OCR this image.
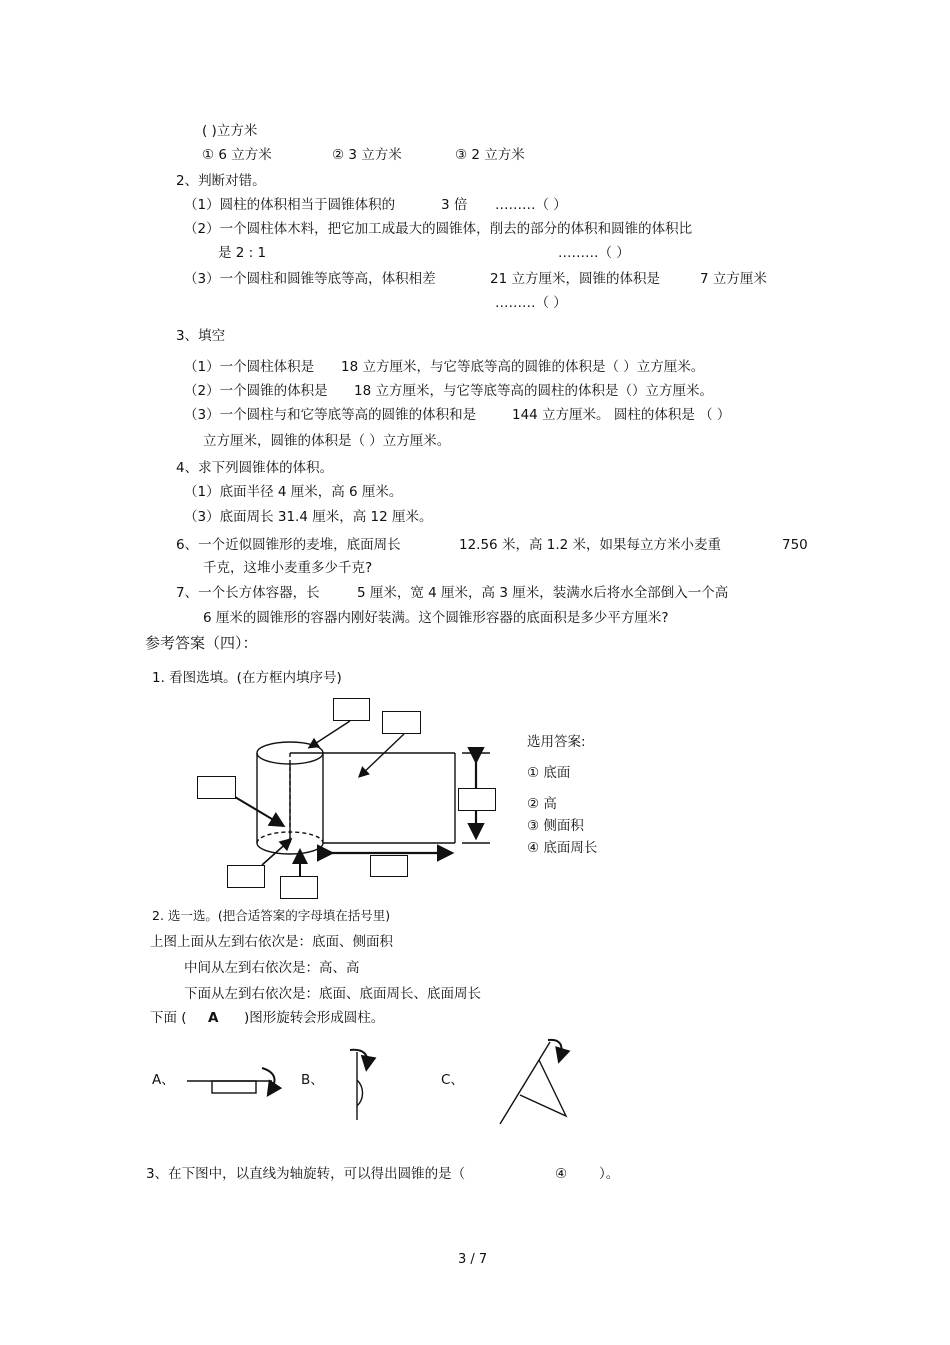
( )立方米
① 6 立方米	② 3 立方米	③ 2 立方米
2、判断对错。
（1）圆柱的体积相当于圆锥体积的	3 倍 ………（ ）
（2）一个圆柱体木料，把它加工成最大的圆锥体，削去的部分的体积和圆锥的体积比
是 2 : 1	………（ ）
（3）一个圆柱和圆锥等底等高，体积相差	21 立方厘米，圆锥的体积是	7 立方厘米
………（ ）
3、填空
（1）一个圆柱体积是 18 立方厘米，与它等底等高的圆锥的体积是（ ）立方厘米。
（2）一个圆锥的体积是 18 立方厘米，与它等底等高的圆柱的体积是（）立方厘米。
（3）一个圆柱与和它等底等高的圆锥的体积和是	144 立方厘米。 圆柱的体积是 （ ）
立方厘米，圆锥的体积是（ ）立方厘米。
4、求下列圆锥体的体积。
（1）底面半径 4 厘米，高 6 厘米。
（3）底面周长 31.4 厘米，高 12 厘米。
6、一个近似圆锥形的麦堆，底面周长	12.56 米，高 1.2 米，如果每立方米小麦重	750
千克，这堆小麦重多少千克?
7、一个长方体容器，长	5 厘米，宽 4 厘米，高 3 厘米，装满水后将水全部倒入一个高
6 厘米的圆锥形的容器内刚好装满。这个圆锥形容器的底面积是多少平方厘米?
参考答案（四）：
1. 看图选填。(在方框内填序号)
选用答案:
① 底面
② 高
③ 侧面积
④ 底面周长
2. 选一选。(把合适答案的字母填在括号里)
上图上面从左到右依次是：底面、侧面积
中间从左到右依次是：高、高
下面从左到右依次是：底面、底面周长、底面周长
下面 ( A )图形旋转会形成圆柱。
A、	B、	C、
3、在下图中，以直线为轴旋转，可以得出圆锥的是（	④ ）。
3 / 7
